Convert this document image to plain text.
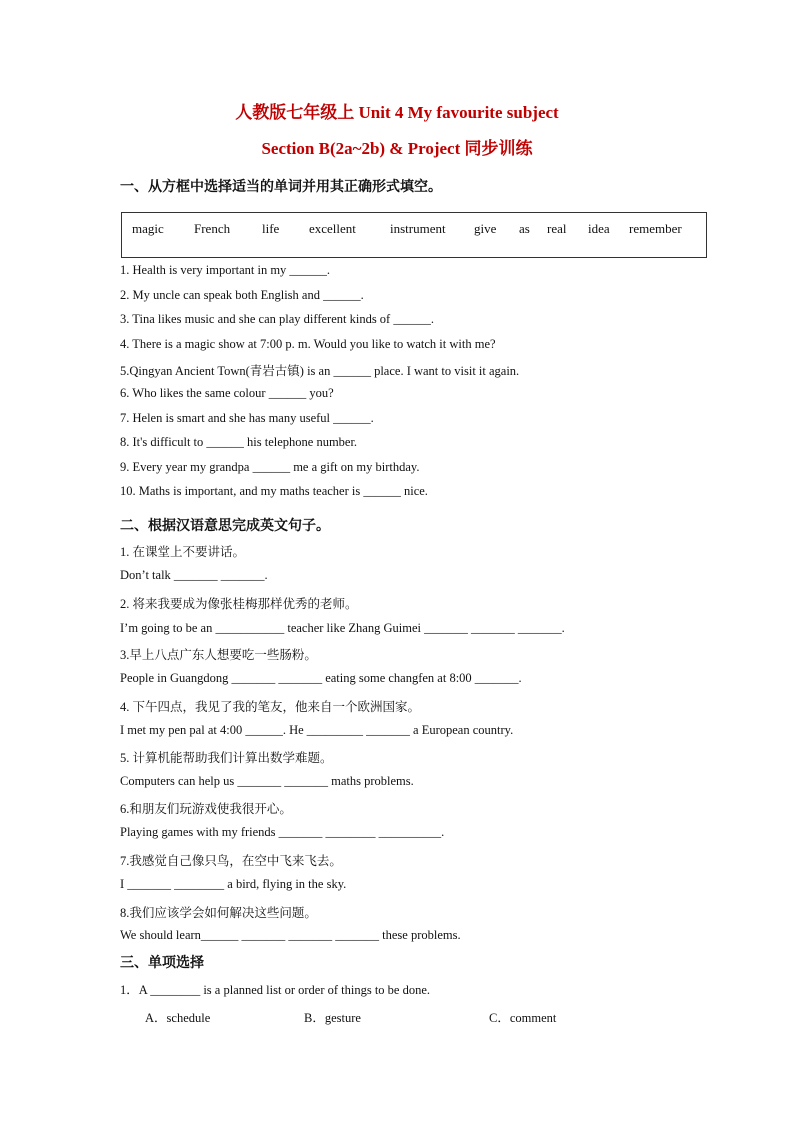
人教版七年级上 Unit 4 My favourite subject
Section B(2a~2b) & Project 同步训练
一、从方框中选择适当的单词并用其正确形式填空。
magic French life excellent	instrument give as real idea remember
1. Health is very important in my ______.
2. My uncle can speak both English and ______.
3. Tina likes music and she can play different kinds of ______.
4. There is a magic show at 7:00 p. m. Would you like to watch it with me?
5.Qingyan Ancient Town(青岩古镇) is an ______ place. I want to visit it again.
6. Who likes the same colour ______ you?
7. Helen is smart and she has many useful ______.
8. It's difficult to ______ his telephone number.
9. Every year my grandpa ______ me a gift on my birthday.
10. Maths is important, and my maths teacher is ______ nice.
二、根据汉语意思完成英文句子。
1. 在课堂上不要讲话。
Don’t talk _______ _______.
2. 将来我要成为像张桂梅那样优秀的老师。
I’m going to be an ___________ teacher like Zhang Guimei _______ _______ _______.
3.早上八点广东人想要吃一些肠粉。
People in Guangdong _______ _______ eating some changfen at 8:00 _______.
4. 下午四点，我见了我的笔友，他来自一个欧洲国家。
I met my pen pal at 4:00 ______. He _________ _______ a European country.
5. 计算机能帮助我们计算出数学难题。
Computers can help us _______ _______ maths problems.
6.和朋友们玩游戏使我很开心。
Playing games with my friends _______ ________ __________.
7.我感觉自己像只鸟，在空中飞来飞去。
I _______ ________ a bird, flying in the sky.
8.我们应该学会如何解决这些问题。
We should learn______ _______ _______ _______ these problems.
三、单项选择
1．A ________ is a planned list or order of things to be done.
A．schedule	B．gesture	C．comment
